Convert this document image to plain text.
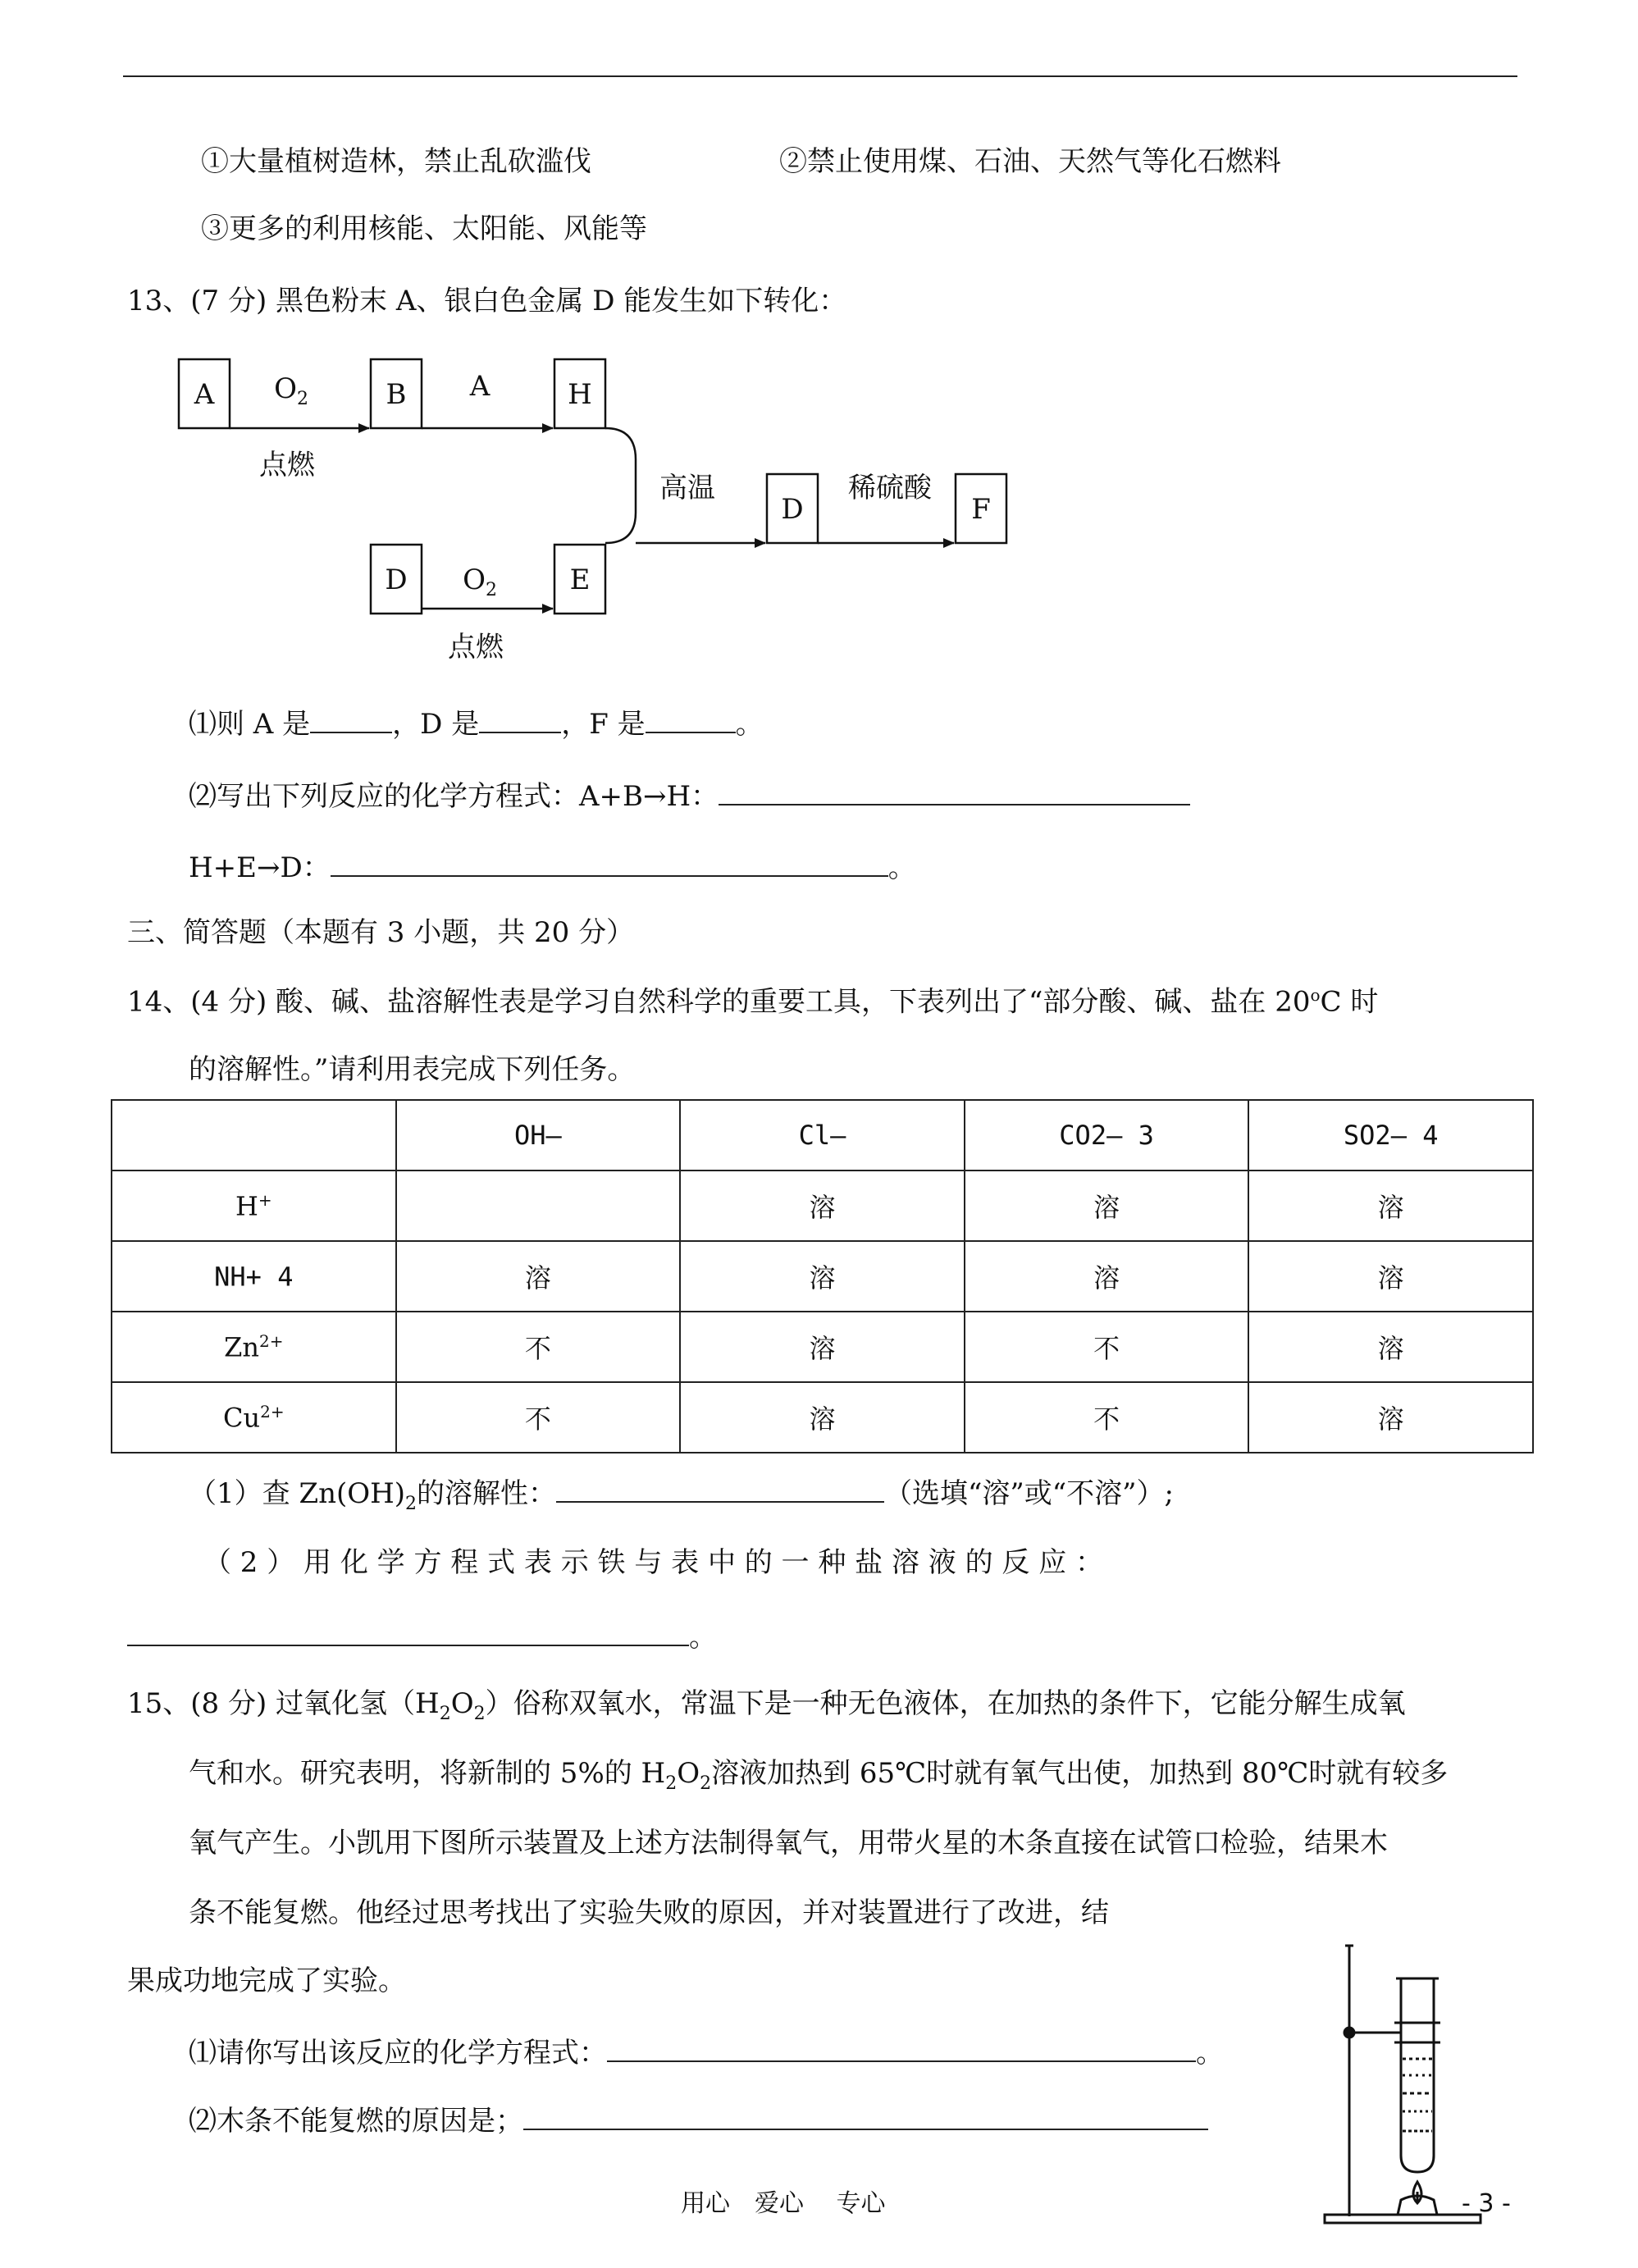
①大量植树造林，禁止乱砍滥伐	②禁止使用煤、石油、天然气等化石燃料
③更多的利用核能、太阳能、风能等
13、(7 分) 黑色粉末 A、银白色金属 D 能发生如下转化：
A	B	H
D	E
D	F
$O_2$	A
点燃
$O_2$
点燃
高温	稀硫酸
⑴则 A 是	，D 是	，F 是	。
⑵写出下列反应的化学方程式：A+B→H：
H+E→D：	。
三、简答题（本题有 3 小题，共 20 分）
14、(4 分) 酸、碱、盐溶解性表是学习自然科学的重要工具，下表列出了“部分酸、碱、盐在 20$^o$C 时
的溶解性。”请利用表完成下列任务。
	OH—	Cl—	CO2— 3	SO2— 4
H+		溶	溶	溶
NH+ 4	溶	溶	溶	溶
$Zn^{2+}$	不	溶	不	溶
$Cu^{2+}$	不	溶	不	溶
（1）查 $Zn(OH)_2$的溶解性：	（选填“溶”或“不溶”）;
（ 2 ） 用 化 学 方 程 式 表 示 铁 与 表 中 的 一 种 盐 溶 液 的 反 应 ：
。
15、(8 分) 过氧化氢$(H_2O_2)$俗称双氧水，常温下是一种无色液体，在加热的条件下，它能分解生成氧
气和水。研究表明，将新制的 5%的 $H_2O_2$溶液加热到 65℃时就有氧气出使，加热到 80℃时就有较多
氧气产生。小凯用下图所示装置及上述方法制得氧气，用带火星的木条直接在试管口检验，结果木
条不能复燃。他经过思考找出了实验失败的原因，并对装置进行了改进，结
果成功地完成了实验。
⑴请你写出该反应的化学方程式：	。
⑵木条不能复燃的原因是；
用心　爱心　 专心	- 3 -
